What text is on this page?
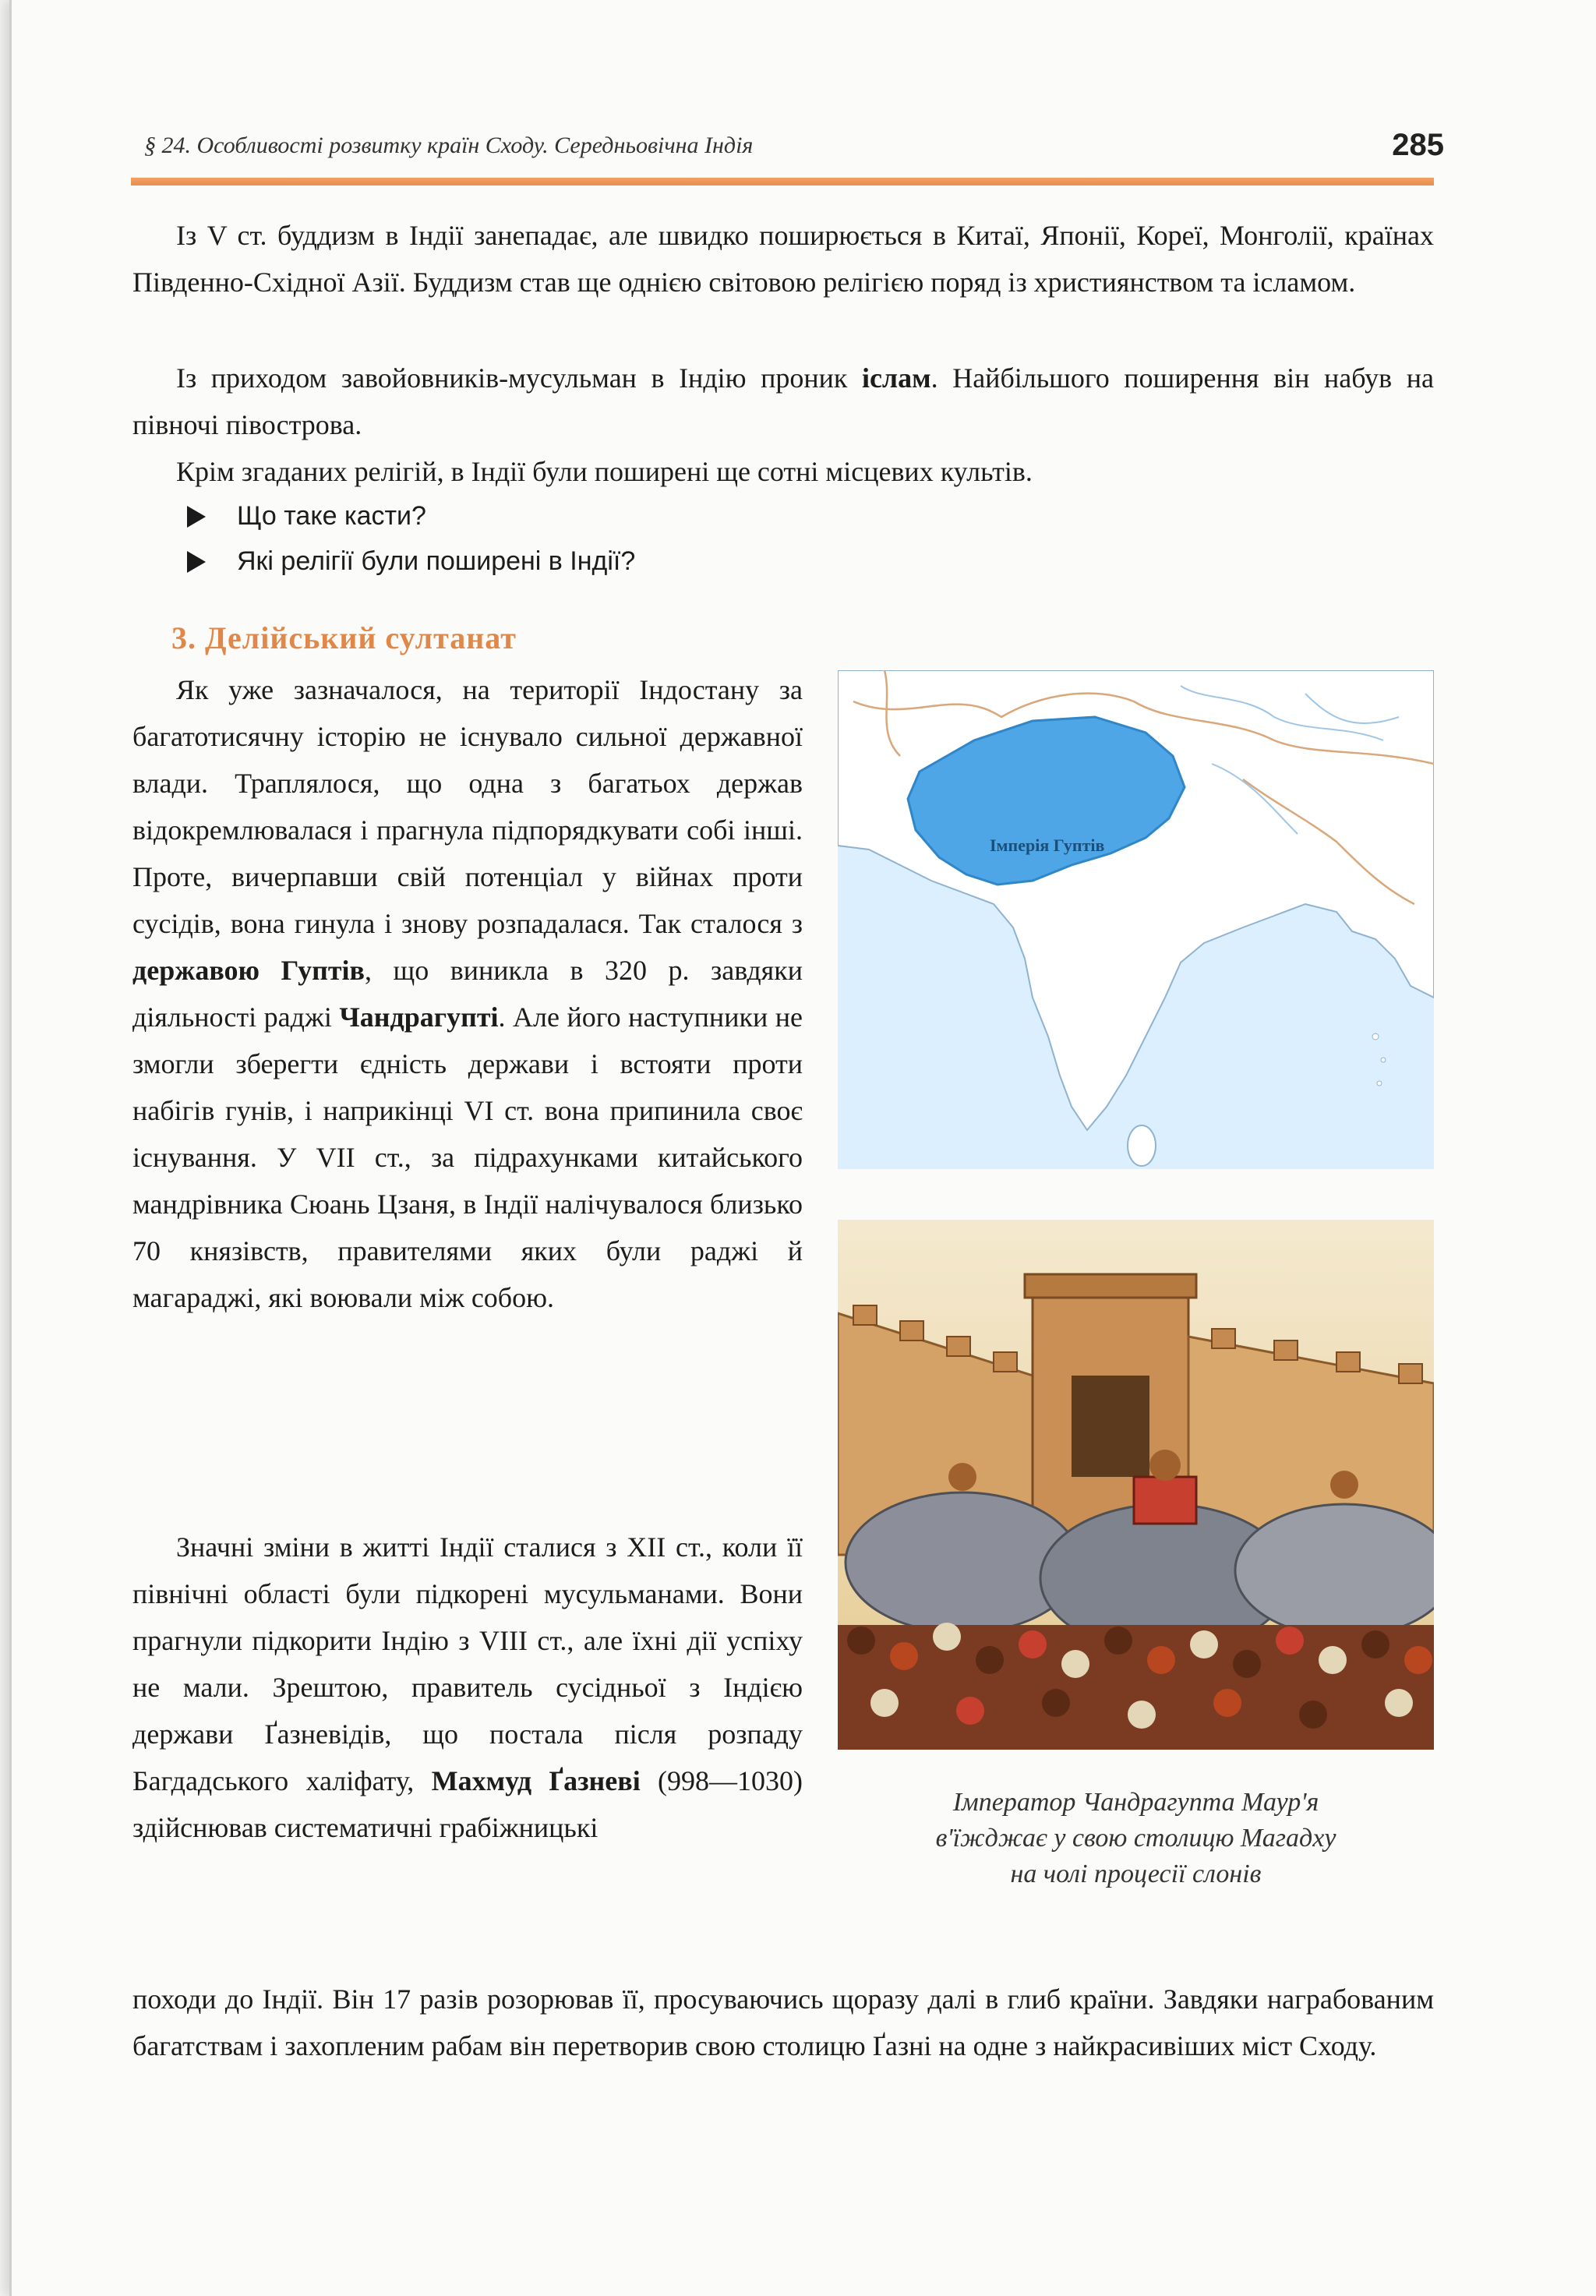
§ 24. Особливості розвитку країн Сходу. Середньовічна Індія	285

Із V ст. буддизм в Індії занепадає, але швидко поширюється в Китаї, Японії, Кореї, Монголії, країнах Південно-Східної Азії. Буддизм став ще однією світовою релігією поряд із християнством та ісламом.

Із приходом завойовників-мусульман в Індію проник іслам. Найбільшого поширення він набув на півночі півострова.

Крім згаданих релігій, в Індії були поширені ще сотні місцевих культів.

Що таке касти?
Які релігії були поширені в Індії?
3. Делійський султанат

Як уже зазначалося, на території Індостану за багатотисячну історію не існувало сильної державної влади. Траплялося, що одна з багатьох держав відокремлювалася і прагнула підпорядкувати собі інші. Проте, вичерпавши свій потенціал у війнах проти сусідів, вона гинула і знову розпадалася. Так сталося з державою Гуптів, що виникла в 320 р. завдяки діяльності раджі Чандрагупті. Але його наступники не змогли зберегти єдність держави і встояти проти набігів гунів, і наприкінці VI ст. вона припинила своє існування. У VII ст., за підрахунками китайського мандрівника Сюань Цзаня, в Індії налічувалося близько 70 князівств, правителями яких були раджі й магараджі, які воювали між собою.

Значні зміни в житті Індії сталися з XII ст., коли її північні області були підкорені мусульманами. Вони прагнули підкорити Індію з VIII ст., але їхні дії успіху не мали. Зрештою, правитель сусідньої з Індією держави Ґазневідів, що постала після розпаду Багдадського халіфату, Махмуд Ґазневі (998—1030) здійснював систематичні грабіжницькі

походи до Індії. Він 17 разів розорював її, просуваючись щоразу далі в глиб країни. Завдяки награбованим багатствам і захопленим рабам він перетворив свою столицю Ґазні на одне з найкрасивіших міст Сходу.

Імперія Гуптів
Імператор Чандрагупта Маур'я
в'їжджає у свою столицю Магадху
на чолі процесії слонів
